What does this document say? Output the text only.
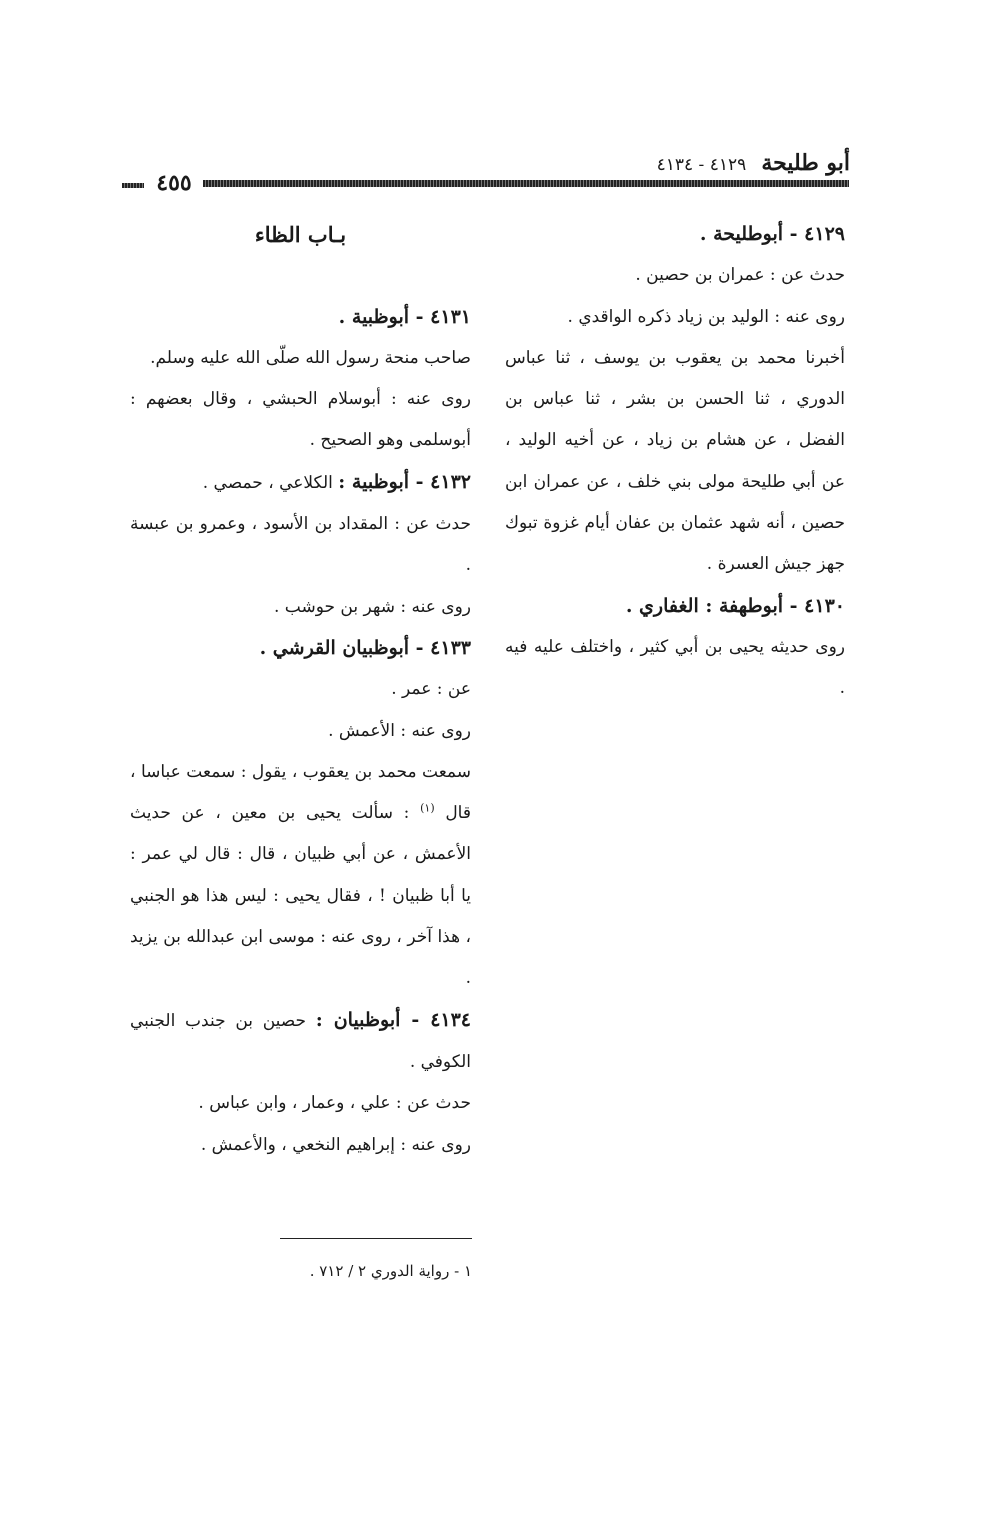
أبو طليحة ٤١٢٩ - ٤١٣٤
٤٥٥

٤١٢٩ - أبوطليحة .

حدث عن : عمران بن حصين .

روى عنه : الوليد بن زياد ذكره الواقدي .

أخبرنا محمد بن يعقوب بن يوسف ، ثنا عباس الدوري ، ثنا الحسن بن بشر ، ثنا عباس بن الفضل ، عن هشام بن زياد ، عن أخيه الوليد ، عن أبي طليحة مولى بني خلف ، عن عمران ابن حصين ، أنه شهد عثمان بن عفان أيام غزوة تبوك جهز جيش العسرة .

٤١٣٠ - أبوطهفة : الغفاري .

روى حديثه يحيى بن أبي كثير ، واختلف عليه فيه .

بـاب الظاء

٤١٣١ - أبوظبية .

صاحب منحة رسول الله صلّى الله عليه وسلم.

روى عنه : أبوسلام الحبشي ، وقال بعضهم : أبوسلمى وهو الصحيح .

٤١٣٢ - أبوظبية : الكلاعي ، حمصي .

حدث عن : المقداد بن الأسود ، وعمرو بن عبسة .

روى عنه : شهر بن حوشب .

٤١٣٣ - أبوظبيان القرشي .

عن : عمر .

روى عنه : الأعمش .

سمعت محمد بن يعقوب ، يقول : سمعت عباسا ، قال $^{(١)}$ : سألت يحيى بن معين ، عن حديث الأعمش ، عن أبي ظبيان ، قال : قال لي عمر : يا أبا ظبيان ! ، فقال يحيى : ليس هذا هو الجنبي ، هذا آخر ، روى عنه : موسى ابن عبدالله بن يزيد .

٤١٣٤ - أبوظبيان : حصين بن جندب الجنبي الكوفي .

حدث عن : علي ، وعمار ، وابن عباس .

روى عنه : إبراهيم النخعي ، والأعمش .

١ - رواية الدوري ٢ / ٧١٢ .
